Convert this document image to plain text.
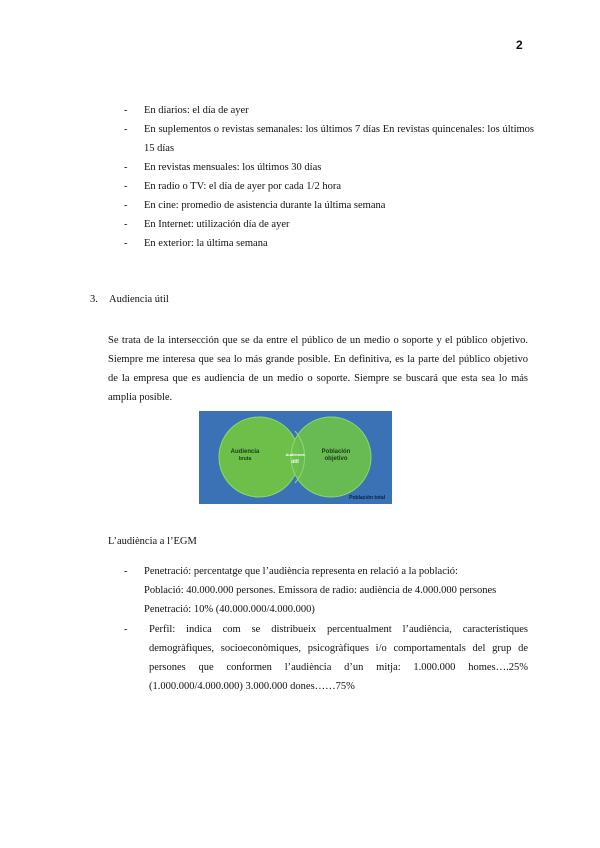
2
- En diarios: el día de ayer
- En suplementos o revistas semanales: los últimos 7 días En revistas quincenales: los últimos 15 días
- En revistas mensuales: los últimos 30 días
- En radio o TV: el día de ayer por cada 1/2 hora
- En cine: promedio de asistencia durante la última semana
- En Internet: utilización día de ayer
- En exterior: la última semana
3. Audiencia útil

Se trata de la intersección que se da entre el público de un medio o soporte y el público objetivo. Siempre me interesa que sea lo más grande posible. En definitiva, es la parte del público objetivo de la empresa que es audiencia de un medio o soporte. Siempre se buscará que esta sea lo más amplia posible.

Audiencia
bruta
Audiencia
útil
Población
objetivo
Población total
L’audiència a l’EGM
- Penetració: percentatge que l’audiència representa en relació a la població:
Població: 40.000.000 persones. Emissora de radio: audiència de 4.000.000 persones
Penetració: 10% (40.000.000/4.000.000)
- Perfil: indica com se distribueix percentualment l’audiència, característiques demogràfiques, socioeconòmiques, psicogràfiques i/o comportamentals del grup de persones que conformen l’audiència d’un mitja: 1.000.000 homes….25% (1.000.000/4.000.000) 3.000.000 dones……75%
